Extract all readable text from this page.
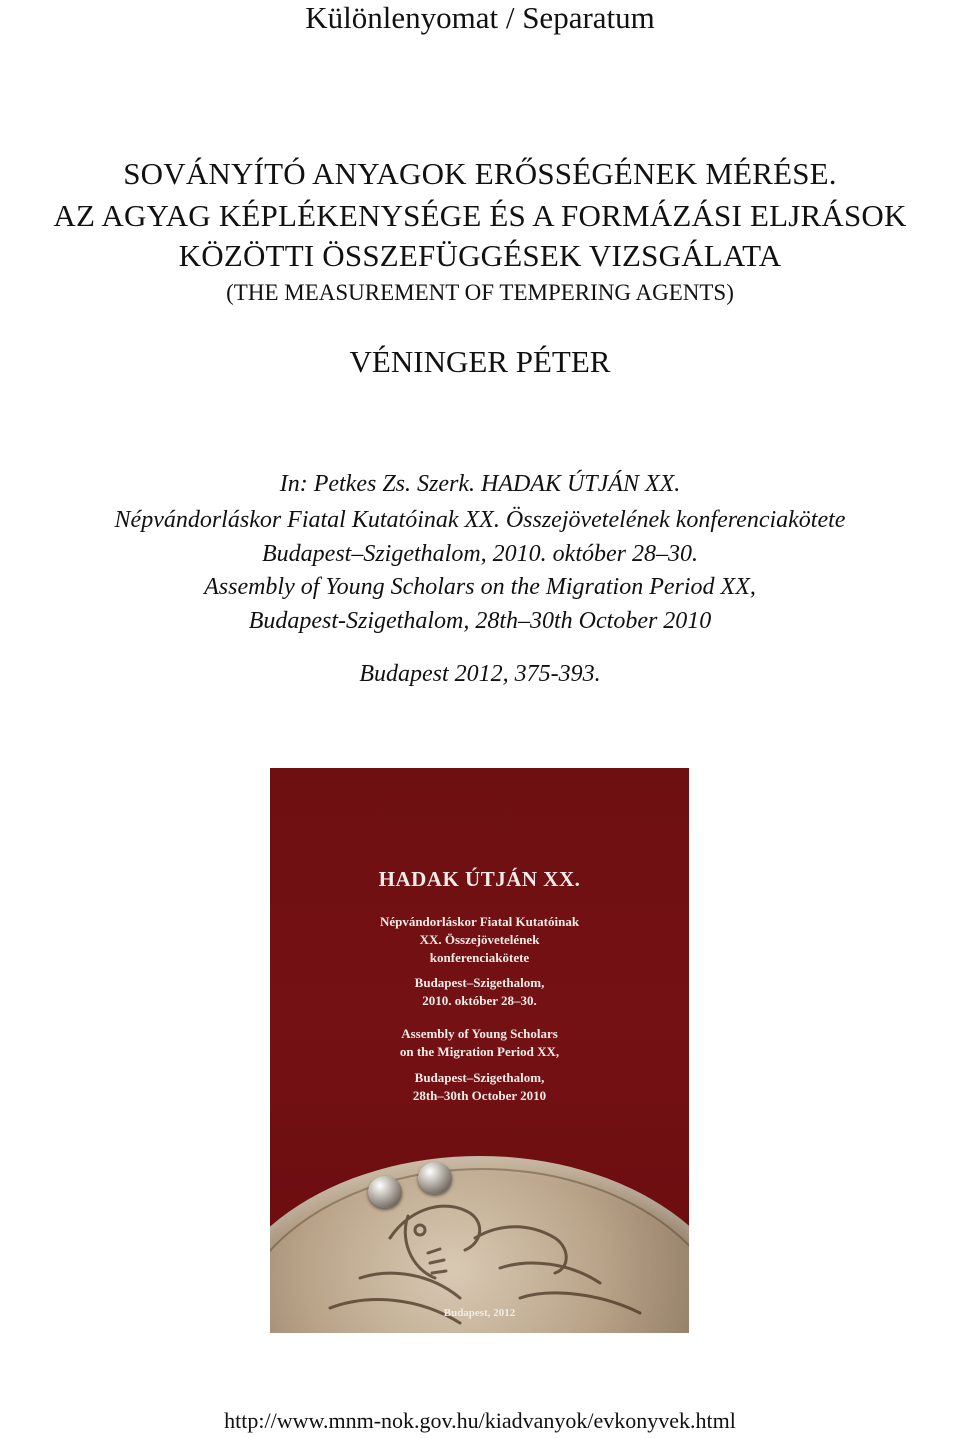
Különlenyomat / Separatum
SOVÁNYÍTÓ ANYAGOK ERŐSSÉGÉNEK MÉRÉSE.
AZ AGYAG KÉPLÉKENYSÉGE ÉS A FORMÁZÁSI ELJRÁSOK
KÖZÖTTI ÖSSZEFÜGGÉSEK VIZSGÁLATA
(THE MEASUREMENT OF TEMPERING AGENTS)
VÉNINGER PÉTER
In: Petkes Zs. Szerk. HADAK ÚTJÁN XX.
Népvándorláskor Fiatal Kutatóinak XX. Összejövetelének konferenciakötete
Budapest–Szigethalom, 2010. október 28–30.
Assembly of Young Scholars on the Migration Period XX,
Budapest-Szigethalom, 28th–30th October 2010
Budapest 2012, 375-393.
HADAK ÚTJÁN XX.
Népvándorláskor Fiatal Kutatóinak
XX. Összejövetelének
konferenciakötete
Budapest–Szigethalom,
2010. október 28–30.
Assembly of Young Scholars
on the Migration Period XX,
Budapest–Szigethalom,
28th–30th October 2010
Budapest, 2012
http://www.mnm-nok.gov.hu/kiadvanyok/evkonyvek.html
